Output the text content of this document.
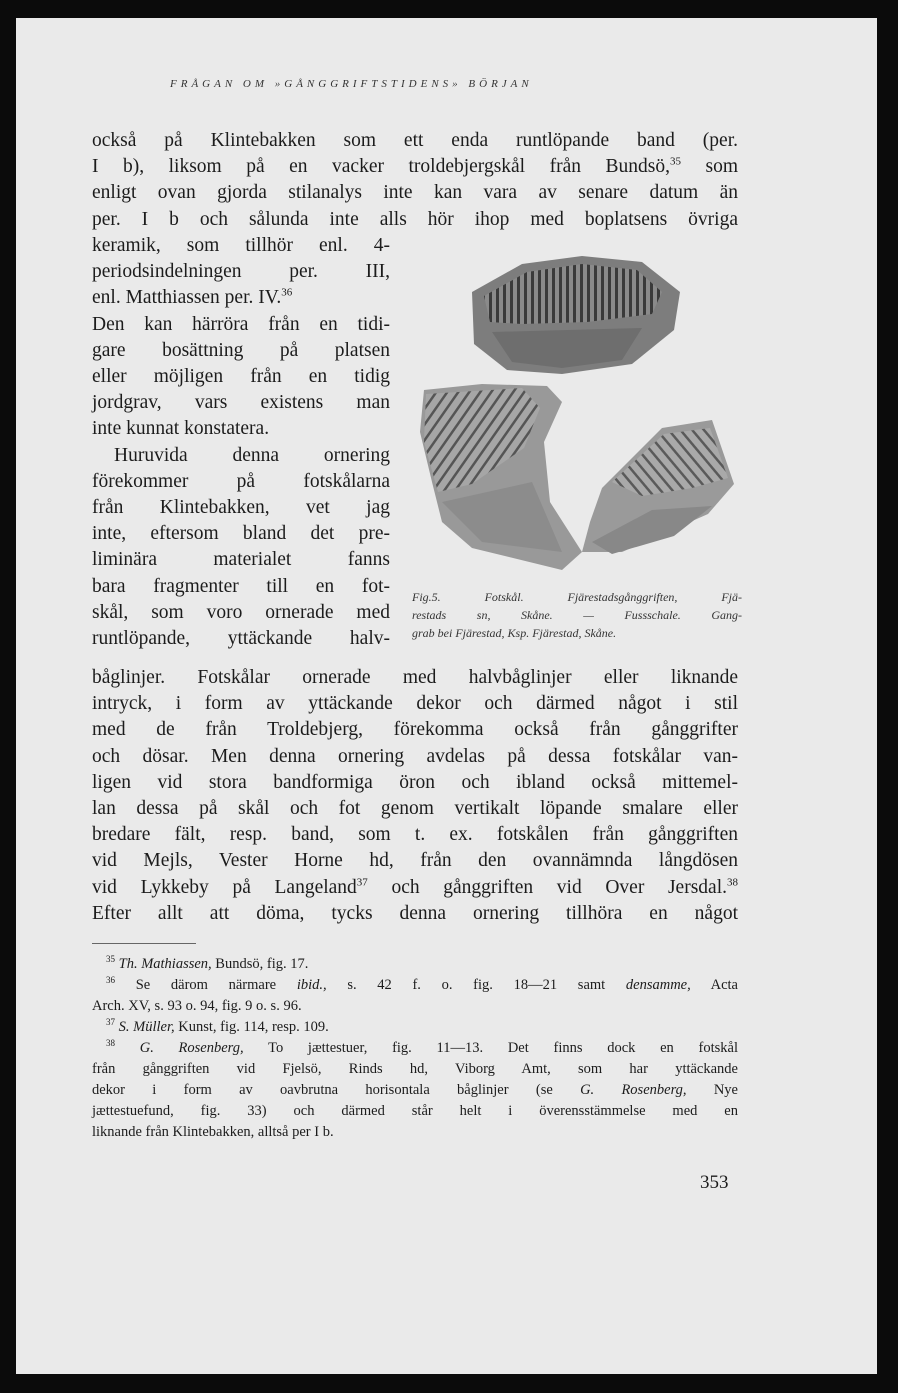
FRÅGAN OM »GÅNGGRIFTSTIDENS» BÖRJAN
också på Klintebakken som ett enda runtlöpande band (per.
I b), liksom på en vacker troldebjergskål från Bundsö,$^{35}$ som
enligt ovan gjorda stilanalys inte kan vara av senare datum än
per. I b och sålunda inte alls hör ihop med boplatsens övriga
keramik, som tillhör enl. 4-
periodsindelningen per. III,
enl. Matthiassen per. IV.$^{36}$
Den kan härröra från en tidi-
gare bosättning på platsen
eller möjligen från en tidig
jordgrav, vars existens man
inte kunnat konstatera.
Huruvida denna ornering
förekommer på fotskålarna
från Klintebakken, vet jag
inte, eftersom bland det pre-
liminära materialet fanns
bara fragmenter till en fot-
skål, som voro ornerade med
runtlöpande, yttäckande halv-
Fig.5. Fotskål. Fjärestadsgånggriften, Fjä-
restads sn, Skåne. — Fusssсhale. Gang-
grab bei Fjärestad, Ksp. Fjärestad, Skåne.
båglinjer. Fotskålar ornerade med halvbåglinjer eller liknande
intryck, i form av yttäckande dekor och därmed något i stil
med de från Troldebjerg, förekomma också från gånggrifter
och dösar. Men denna ornering avdelas på dessa fotskålar van-
ligen vid stora bandformiga öron och ibland också mittemel-
lan dessa på skål och fot genom vertikalt löpande smalare eller
bredare fält, resp. band, som t. ex. fotskålen från gånggriften
vid Mejls, Vester Horne hd, från den ovannämnda långdösen
vid Lykkeby på Langeland$^{37}$ och gånggriften vid Over Jersdal.$^{38}$
Efter allt att döma, tycks denna ornering tillhöra en något
$^{35}$ Th. Mathiassen, Bundsö, fig. 17.
$^{36}$ Se därom närmare ibid., s. 42 f. o. fig. 18—21 samt densamme, Acta
Arch. XV, s. 93 o. 94, fig. 9 o. s. 96.
$^{37}$ S. Müller, Kunst, fig. 114, resp. 109.
$^{38}$ G. Rosenberg, To jættestuer, fig. 11—13. Det finns dock en fotskål
från gånggriften vid Fjelsö, Rinds hd, Viborg Amt, som har yttäckande
dekor i form av oavbrutna horisontala båglinjer (se G. Rosenberg, Nye
jættestuefund, fig. 33) och därmed står helt i överensstämmelse med en
liknande från Klintebakken, alltså per I b.
353
